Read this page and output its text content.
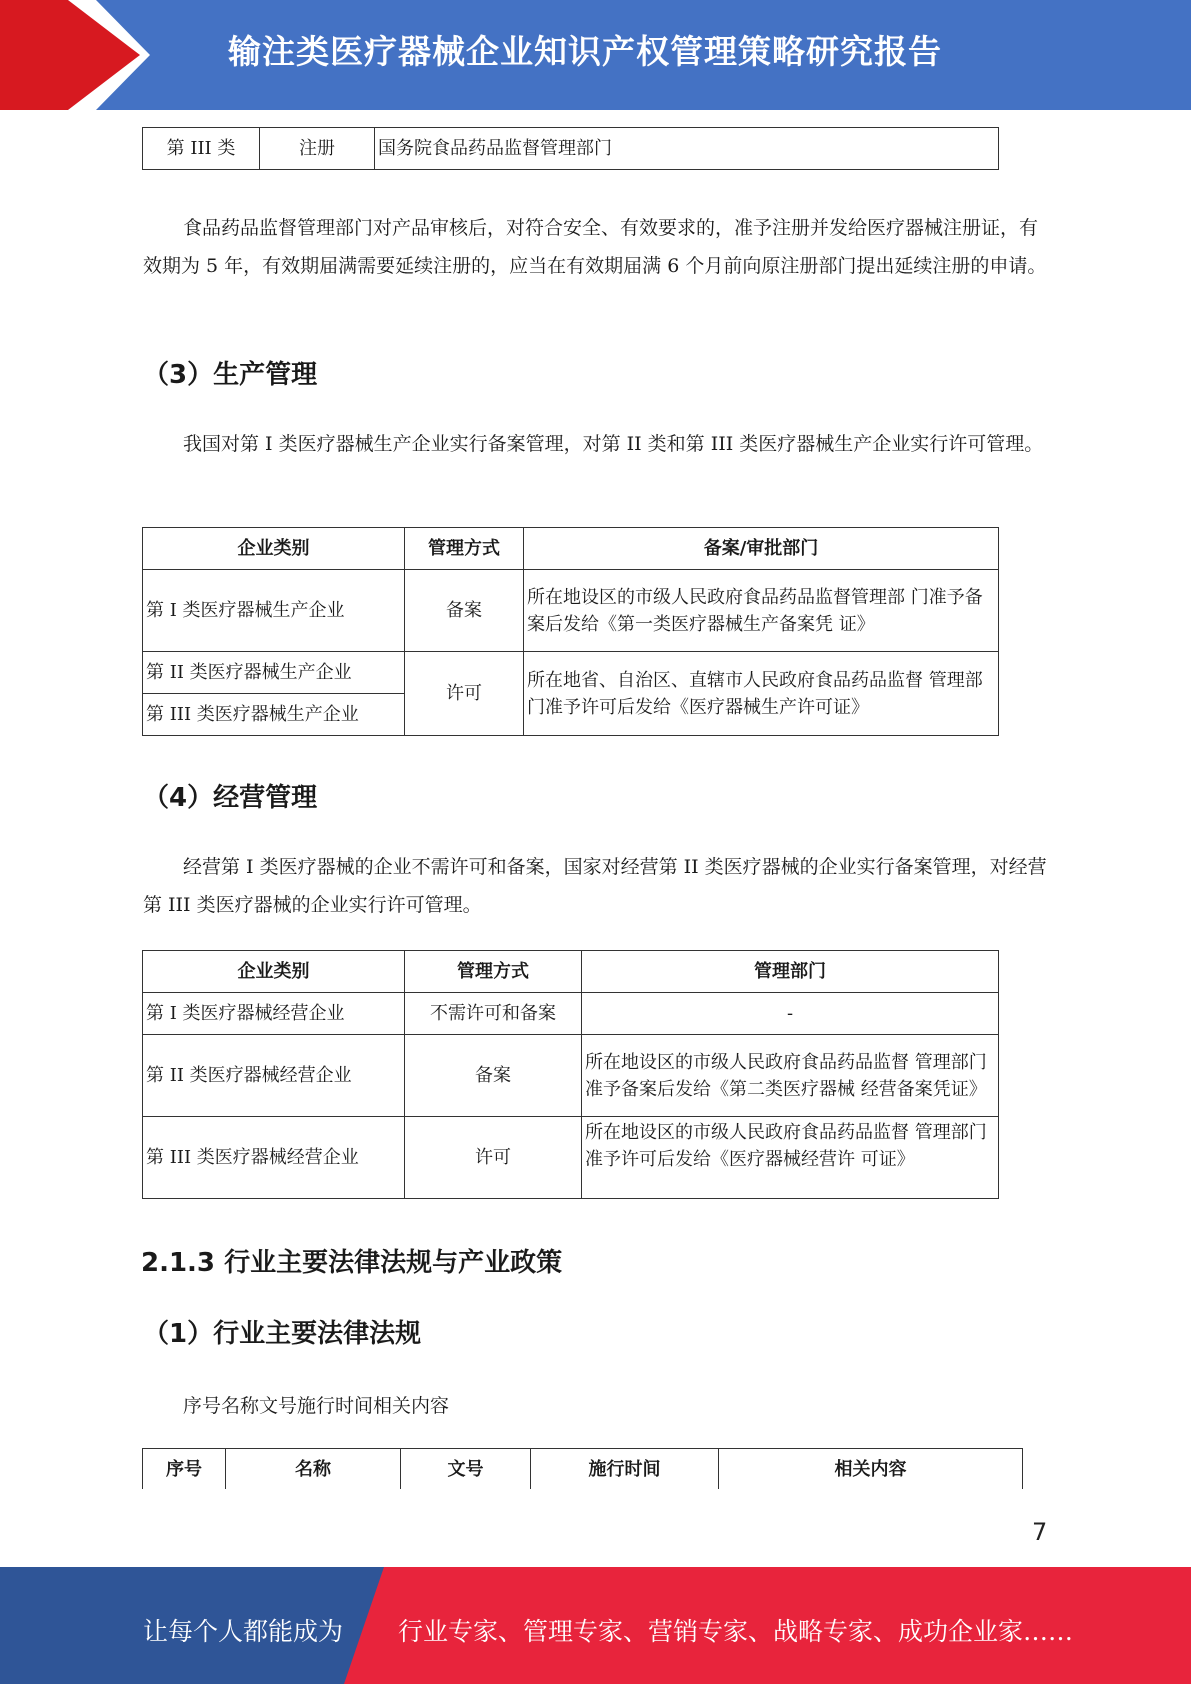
输注类医疗器械企业知识产权管理策略研究报告
第 III 类	注册	国务院食品药品监督管理部门

食品药品监督管理部门对产品审核后，对符合安全、有效要求的，准予注册并发给医疗器械注册证，有效期为 5 年，有效期届满需要延续注册的，应当在有效期届满 6 个月前向原注册部门提出延续注册的申请。

（3）生产管理

我国对第 I 类医疗器械生产企业实行备案管理，对第 II 类和第 III 类医疗器械生产企业实行许可管理。

企业类别	管理方式	备案/审批部门
第 I 类医疗器械生产企业	备案	所在地设区的市级人民政府食品药品监督管理部 门准予备案后发给《第一类医疗器械生产备案凭 证》
第 II 类医疗器械生产企业	许可	所在地省、自治区、直辖市人民政府食品药品监督 管理部门准予许可后发给《医疗器械生产许可证》
第 III 类医疗器械生产企业		
（4）经营管理

经营第 I 类医疗器械的企业不需许可和备案，国家对经营第 II 类医疗器械的企业实行备案管理，对经营第 III 类医疗器械的企业实行许可管理。

企业类别	管理方式	管理部门
第 I 类医疗器械经营企业	不需许可和备案	-
第 II 类医疗器械经营企业	备案	所在地设区的市级人民政府食品药品监督 管理部门准予备案后发给《第二类医疗器械 经营备案凭证》
第 III 类医疗器械经营企业	许可	所在地设区的市级人民政府食品药品监督 管理部门准予许可后发给《医疗器械经营许 可证》
2.1.3 行业主要法律法规与产业政策
（1）行业主要法律法规
序号名称文号施行时间相关内容
序号	名称	文号	施行时间	相关内容
7
让每个人都能成为 行业专家、管理专家、营销专家、战略专家、成功企业家……
